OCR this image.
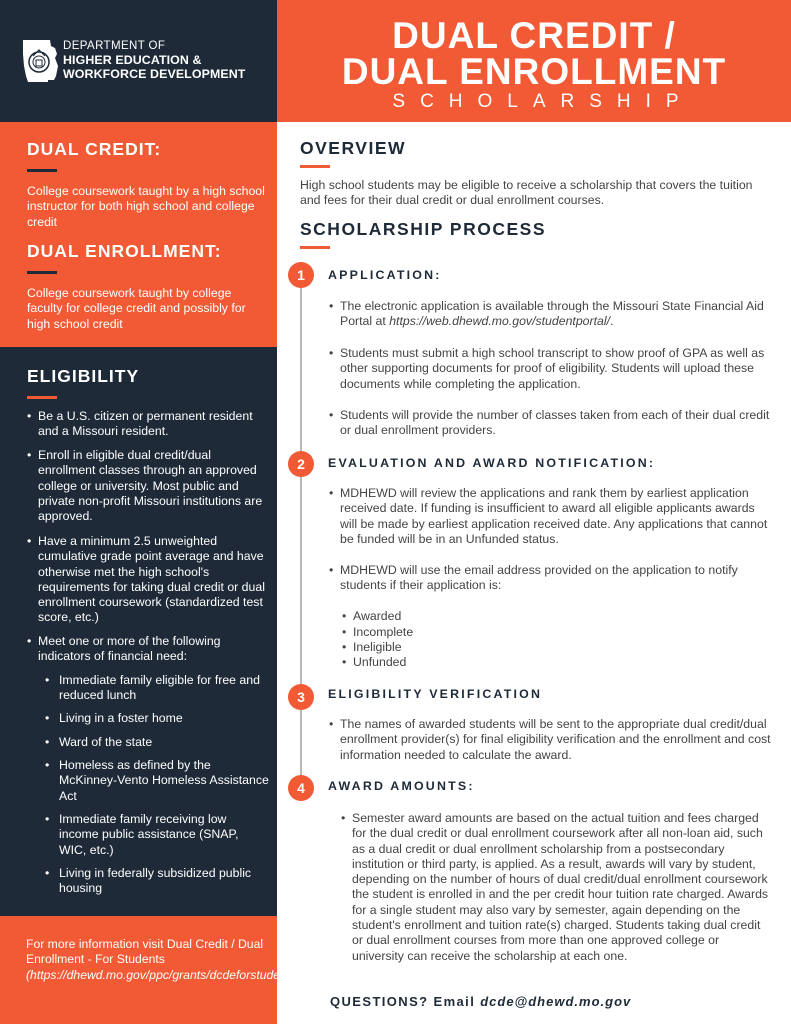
DEPARTMENT OF
HIGHER EDUCATION &
WORKFORCE DEVELOPMENT
DUAL CREDIT /
DUAL ENROLLMENT
SCHOLARSHIP
DUAL CREDIT:
College coursework taught by a high school instructor for both high school and college credit
DUAL ENROLLMENT:
College coursework taught by college faculty for college credit and possibly for high school credit
ELIGIBILITY
• Be a U.S. citizen or permanent resident and a Missouri resident.
• Enroll in eligible dual credit/dual enrollment classes through an approved college or university. Most public and private non-profit Missouri institutions are approved.
• Have a minimum 2.5 unweighted cumulative grade point average and have otherwise met the high school's requirements for taking dual credit or dual enrollment coursework (standardized test score, etc.)
• Meet one or more of the following indicators of financial need:
• Immediate family eligible for free and reduced lunch
• Living in a foster home
• Ward of the state
• Homeless as defined by the McKinney-Vento Homeless Assistance Act
• Immediate family receiving low income public assistance (SNAP, WIC, etc.)
• Living in federally subsidized public housing
For more information visit Dual Credit / Dual Enrollment - For Students (https://dhewd.mo.gov/ppc/grants/dcdeforstudents.htm).
OVERVIEW
High school students may be eligible to receive a scholarship that covers the tuition and fees for their dual credit or dual enrollment courses.
SCHOLARSHIP PROCESS
1	APPLICATION:
• The electronic application is available through the Missouri State Financial Aid Portal at https://web.dhewd.mo.gov/studentportal/.
• Students must submit a high school transcript to show proof of GPA as well as other supporting documents for proof of eligibility. Students will upload these documents while completing the application.
• Students will provide the number of classes taken from each of their dual credit or dual enrollment providers.
2	EVALUATION AND AWARD NOTIFICATION:
• MDHEWD will review the applications and rank them by earliest application received date. If funding is insufficient to award all eligible applicants awards will be made by earliest application received date. Any applications that cannot be funded will be in an Unfunded status.
• MDHEWD will use the email address provided on the application to notify students if their application is:
• Awarded
• Incomplete
• Ineligible
• Unfunded
3	ELIGIBILITY VERIFICATION
• The names of awarded students will be sent to the appropriate dual credit/dual enrollment provider(s) for final eligibility verification and the enrollment and cost information needed to calculate the award.
4	AWARD AMOUNTS:
• Semester award amounts are based on the actual tuition and fees charged for the dual credit or dual enrollment coursework after all non-loan aid, such as a dual credit or dual enrollment scholarship from a postsecondary institution or third party, is applied. As a result, awards will vary by student, depending on the number of hours of dual credit/dual enrollment coursework the student is enrolled in and the per credit hour tuition rate charged. Awards for a single student may also vary by semester, again depending on the student's enrollment and tuition rate(s) charged. Students taking dual credit or dual enrollment courses from more than one approved college or university can receive the scholarship at each one.
QUESTIONS? Email dcde@dhewd.mo.gov
